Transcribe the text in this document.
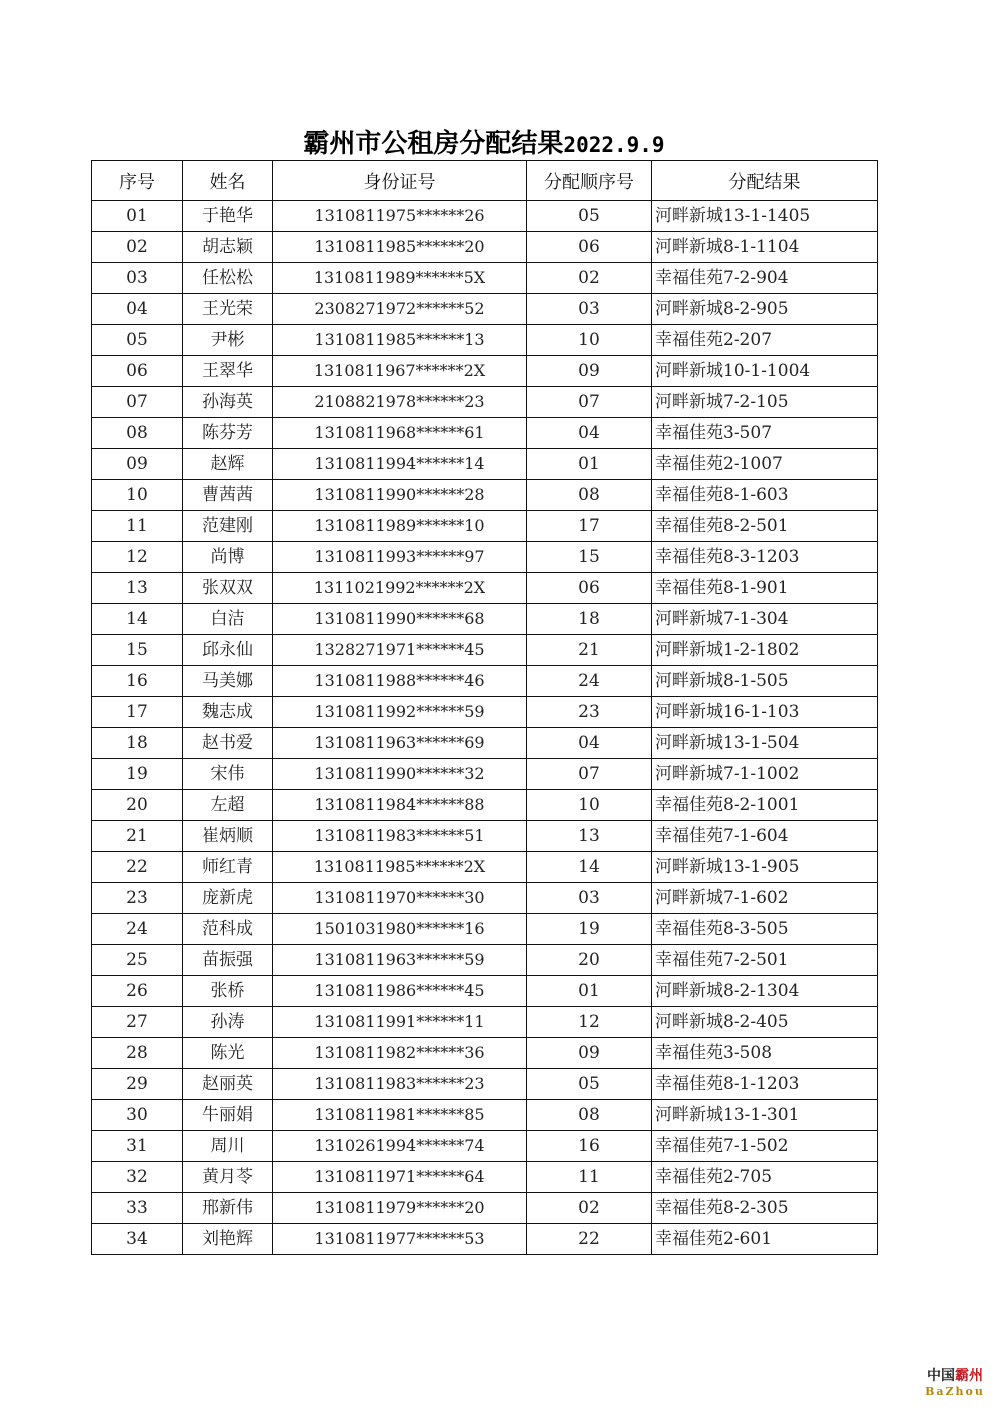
霸州市公租房分配结果2022.9.9
序号	姓名	身份证号	分配顺序号	分配结果
01	于艳华	1310811975******26	05	河畔新城13-1-1405
02	胡志颖	1310811985******20	06	河畔新城8-1-1104
03	任松松	1310811989******5X	02	幸福佳苑7-2-904
04	王光荣	2308271972******52	03	河畔新城8-2-905
05	尹彬	1310811985******13	10	幸福佳苑2-207
06	王翠华	1310811967******2X	09	河畔新城10-1-1004
07	孙海英	2108821978******23	07	河畔新城7-2-105
08	陈芬芳	1310811968******61	04	幸福佳苑3-507
09	赵辉	1310811994******14	01	幸福佳苑2-1007
10	曹茜茜	1310811990******28	08	幸福佳苑8-1-603
11	范建刚	1310811989******10	17	幸福佳苑8-2-501
12	尚博	1310811993******97	15	幸福佳苑8-3-1203
13	张双双	1311021992******2X	06	幸福佳苑8-1-901
14	白洁	1310811990******68	18	河畔新城7-1-304
15	邱永仙	1328271971******45	21	河畔新城1-2-1802
16	马美娜	1310811988******46	24	河畔新城8-1-505
17	魏志成	1310811992******59	23	河畔新城16-1-103
18	赵书爱	1310811963******69	04	河畔新城13-1-504
19	宋伟	1310811990******32	07	河畔新城7-1-1002
20	左超	1310811984******88	10	幸福佳苑8-2-1001
21	崔炳顺	1310811983******51	13	幸福佳苑7-1-604
22	师红青	1310811985******2X	14	河畔新城13-1-905
23	庞新虎	1310811970******30	03	河畔新城7-1-602
24	范科成	1501031980******16	19	幸福佳苑8-3-505
25	苗振强	1310811963******59	20	幸福佳苑7-2-501
26	张桥	1310811986******45	01	河畔新城8-2-1304
27	孙涛	1310811991******11	12	河畔新城8-2-405
28	陈光	1310811982******36	09	幸福佳苑3-508
29	赵丽英	1310811983******23	05	幸福佳苑8-1-1203
30	牛丽娟	1310811981******85	08	河畔新城13-1-301
31	周川	1310261994******74	16	幸福佳苑7-1-502
32	黄月苓	1310811971******64	11	幸福佳苑2-705
33	邢新伟	1310811979******20	02	幸福佳苑8-2-305
34	刘艳辉	1310811977******53	22	幸福佳苑2-601
中国霸州
BaZhou
